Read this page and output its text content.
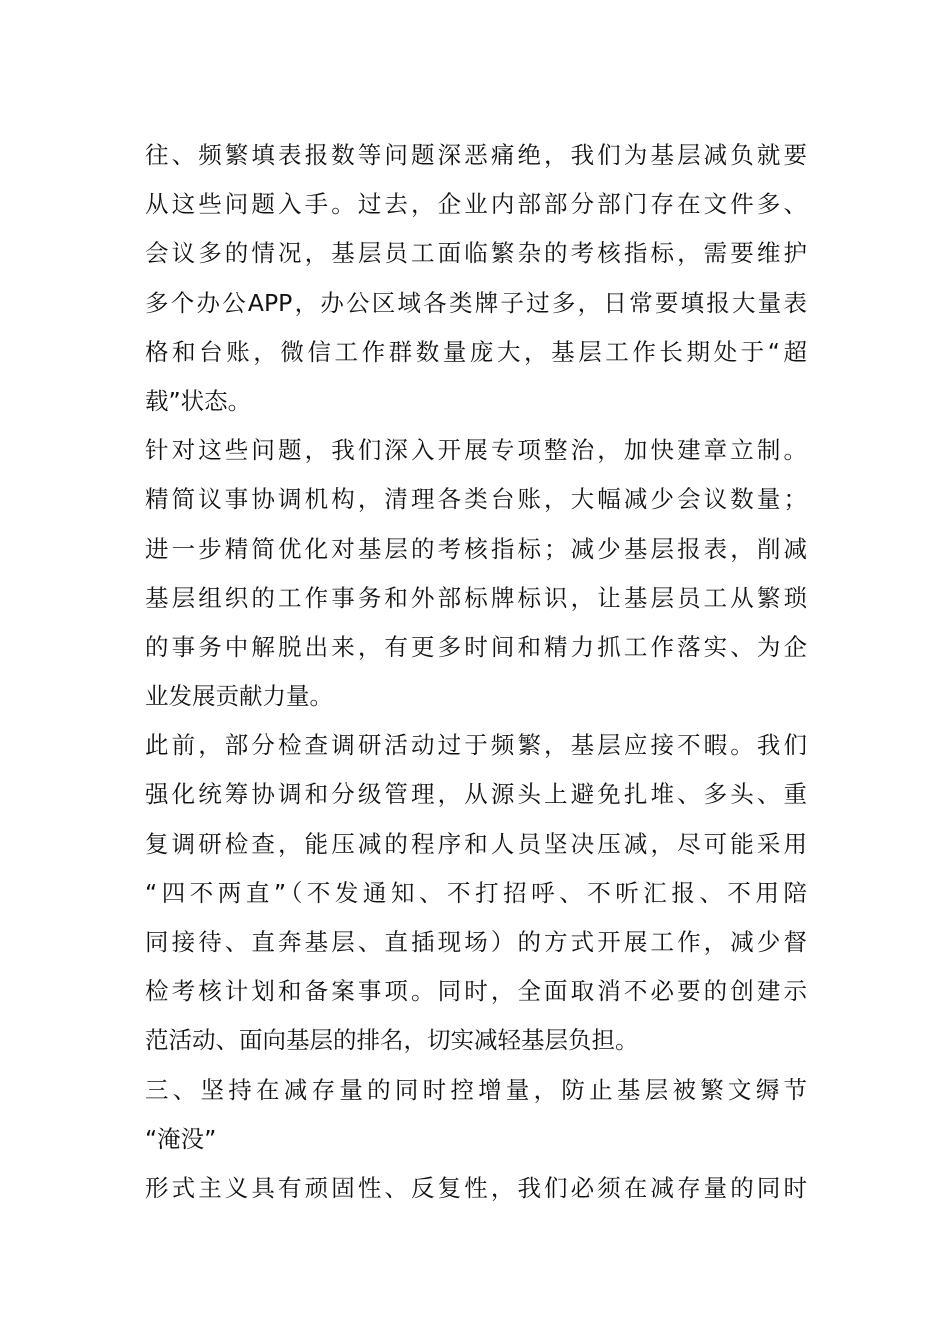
往、频繁填表报数等问题深恶痛绝，我们为基层减负就要
从这些问题入手。过去，企业内部部分部门存在文件多、
会议多的情况，基层员工面临繁杂的考核指标，需要维护
多个办公APP，办公区域各类牌子过多，日常要填报大量表
格和台账，微信工作群数量庞大，基层工作长期处于“超
载”状态。
针对这些问题，我们深入开展专项整治，加快建章立制。
精简议事协调机构，清理各类台账，大幅减少会议数量；
进一步精简优化对基层的考核指标；减少基层报表，削减
基层组织的工作事务和外部标牌标识，让基层员工从繁琐
的事务中解脱出来，有更多时间和精力抓工作落实、为企
业发展贡献力量。
此前，部分检查调研活动过于频繁，基层应接不暇。我们
强化统筹协调和分级管理，从源头上避免扎堆、多头、重
复调研检查，能压减的程序和人员坚决压减，尽可能采用
“四不两直”（不发通知、不打招呼、不听汇报、不用陪
同接待、直奔基层、直插现场）的方式开展工作，减少督
检考核计划和备案事项。同时，全面取消不必要的创建示
范活动、面向基层的排名，切实减轻基层负担。
三、坚持在减存量的同时控增量，防止基层被繁文缛节
“淹没”
形式主义具有顽固性、反复性，我们必须在减存量的同时
